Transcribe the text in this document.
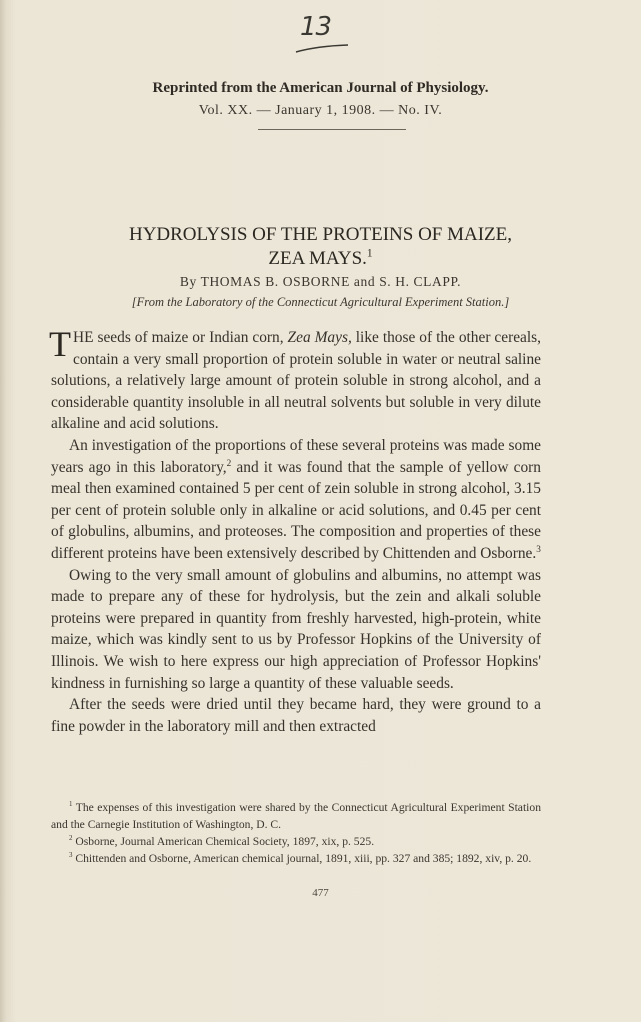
13
Reprinted from the American Journal of Physiology.
Vol. XX. — January 1, 1908. — No. IV.
HYDROLYSIS OF THE PROTEINS OF MAIZE,
ZEA MAYS.$^1$
By THOMAS B. OSBORNE and S. H. CLAPP.
[From the Laboratory of the Connecticut Agricultural Experiment Station.]

THE seeds of maize or Indian corn, Zea Mays, like those of the other cereals, contain a very small proportion of protein soluble in water or neutral saline solutions, a relatively large amount of protein soluble in strong alcohol, and a considerable quantity insoluble in all neutral solvents but soluble in very dilute alkaline and acid solutions.

An investigation of the proportions of these several proteins was made some years ago in this laboratory,$^2$ and it was found that the sample of yellow corn meal then examined contained 5 per cent of zein soluble in strong alcohol, 3.15 per cent of protein soluble only in alkaline or acid solutions, and 0.45 per cent of globulins, albumins, and proteoses. The composition and properties of these different proteins have been extensively described by Chittenden and Osborne.$^3$

Owing to the very small amount of globulins and albumins, no attempt was made to prepare any of these for hydrolysis, but the zein and alkali soluble proteins were prepared in quantity from freshly harvested, high-protein, white maize, which was kindly sent to us by Professor Hopkins of the University of Illinois. We wish to here express our high appreciation of Professor Hopkins' kindness in furnishing so large a quantity of these valuable seeds.

After the seeds were dried until they became hard, they were ground to a fine powder in the laboratory mill and then extracted

$^1$ The expenses of this investigation were shared by the Connecticut Agricultural Experiment Station and the Carnegie Institution of Washington, D. C.

$^2$ Osborne, Journal American Chemical Society, 1897, xix, p. 525.

$^3$ Chittenden and Osborne, American chemical journal, 1891, xiii, pp. 327 and 385; 1892, xiv, p. 20.

477
